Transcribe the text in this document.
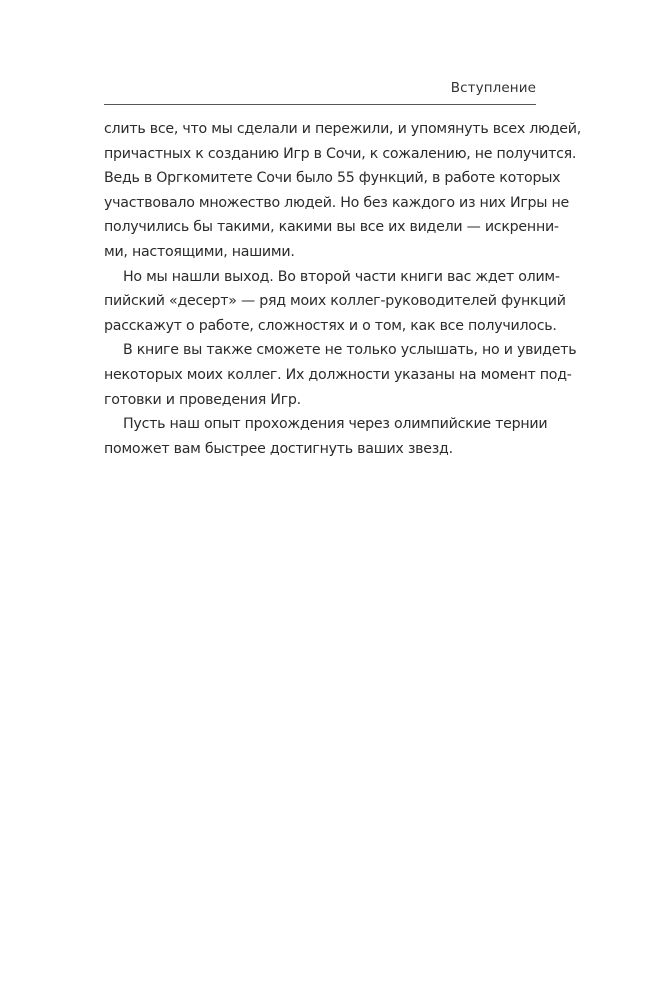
Вступление
слить все, что мы сделали и пережили, и упомянуть всех людей,
причастных к созданию Игр в Сочи, к сожалению, не получится.
Ведь в Оргкомитете Сочи было 55 функций, в работе которых
участвовало множество людей. Но без каждого из них Игры не
получились бы такими, какими вы все их видели — искренни-
ми, настоящими, нашими.
Но мы нашли выход. Во второй части книги вас ждет олим-
пийский «десерт» — ряд моих коллег-руководителей функций
расскажут о работе, сложностях и о том, как все получилось.
В книге вы также сможете не только услышать, но и увидеть
некоторых моих коллег. Их должности указаны на момент под-
готовки и проведения Игр.
Пусть наш опыт прохождения через олимпийские тернии
поможет вам быстрее достигнуть ваших звезд.
